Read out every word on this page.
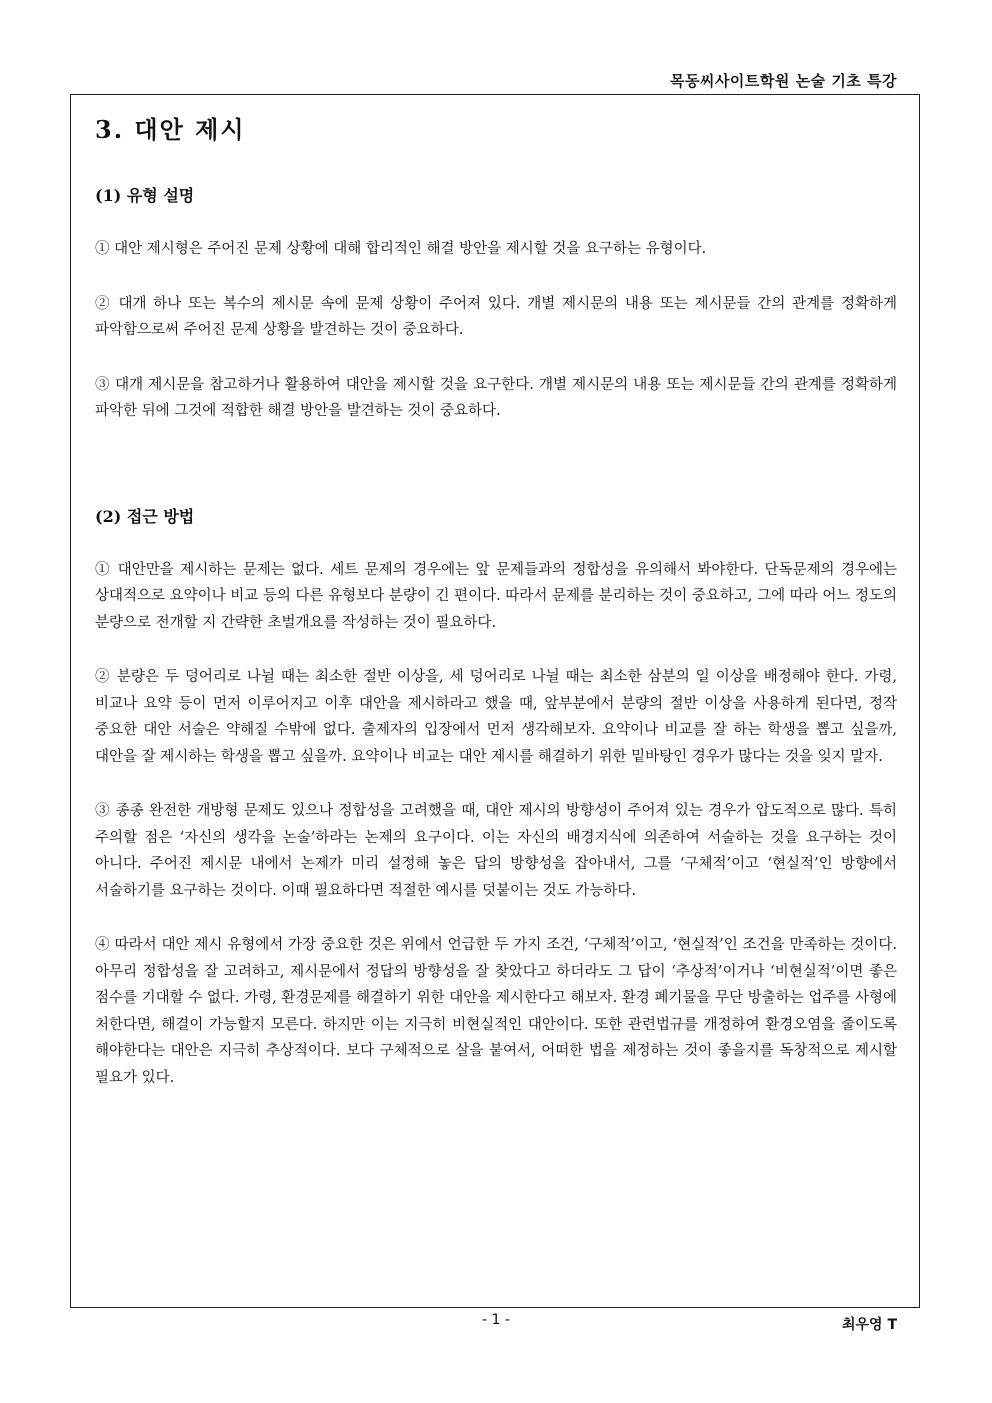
목동씨사이트학원 논술 기초 특강
3. 대안 제시
(1) 유형 설명

① 대안 제시형은 주어진 문제 상황에 대해 합리적인 해결 방안을 제시할 것을 요구하는 유형이다.

② 대개 하나 또는 복수의 제시문 속에 문제 상황이 주어져 있다. 개별 제시문의 내용 또는 제시문들 간의 관계를 정확하게 파악함으로써 주어진 문제 상황을 발견하는 것이 중요하다.

③ 대개 제시문을 참고하거나 활용하여 대안을 제시할 것을 요구한다. 개별 제시문의 내용 또는 제시문들 간의 관계를 정확하게 파악한 뒤에 그것에 적합한 해결 방안을 발견하는 것이 중요하다.

(2) 접근 방법

① 대안만을 제시하는 문제는 없다. 세트 문제의 경우에는 앞 문제들과의 정합성을 유의해서 봐야한다. 단독문제의 경우에는 상대적으로 요약이나 비교 등의 다른 유형보다 분량이 긴 편이다. 따라서 문제를 분리하는 것이 중요하고, 그에 따라 어느 정도의 분량으로 전개할 지 간략한 초벌개요를 작성하는 것이 필요하다.

② 분량은 두 덩어리로 나뉠 때는 최소한 절반 이상을, 세 덩어리로 나뉠 때는 최소한 삼분의 일 이상을 배정해야 한다. 가령, 비교나 요약 등이 먼저 이루어지고 이후 대안을 제시하라고 했을 때, 앞부분에서 분량의 절반 이상을 사용하게 된다면, 정작 중요한 대안 서술은 약해질 수밖에 없다. 출제자의 입장에서 먼저 생각해보자. 요약이나 비교를 잘 하는 학생을 뽑고 싶을까, 대안을 잘 제시하는 학생을 뽑고 싶을까. 요약이나 비교는 대안 제시를 해결하기 위한 밑바탕인 경우가 많다는 것을 잊지 말자.

③ 종종 완전한 개방형 문제도 있으나 정합성을 고려했을 때, 대안 제시의 방향성이 주어져 있는 경우가 압도적으로 많다. 특히 주의할 점은 ‘자신의 생각을 논술’하라는 논제의 요구이다. 이는 자신의 배경지식에 의존하여 서술하는 것을 요구하는 것이 아니다. 주어진 제시문 내에서 논제가 미리 설정해 놓은 답의 방향성을 잡아내서, 그를 ‘구체적’이고 ‘현실적’인 방향에서 서술하기를 요구하는 것이다. 이때 필요하다면 적절한 예시를 덧붙이는 것도 가능하다.

④ 따라서 대안 제시 유형에서 가장 중요한 것은 위에서 언급한 두 가지 조건, ‘구체적’이고, ‘현실적’인 조건을 만족하는 것이다. 아무리 정합성을 잘 고려하고, 제시문에서 정답의 방향성을 잘 찾았다고 하더라도 그 답이 ‘추상적’이거나 ‘비현실적’이면 좋은 점수를 기대할 수 없다. 가령, 환경문제를 해결하기 위한 대안을 제시한다고 해보자. 환경 폐기물을 무단 방출하는 업주를 사형에 처한다면, 해결이 가능할지 모른다. 하지만 이는 지극히 비현실적인 대안이다. 또한 관련법규를 개정하여 환경오염을 줄이도록 해야한다는 대안은 지극히 추상적이다. 보다 구체적으로 살을 붙여서, 어떠한 법을 제정하는 것이 좋을지를 독창적으로 제시할 필요가 있다.

- 1 -	최우영 T
